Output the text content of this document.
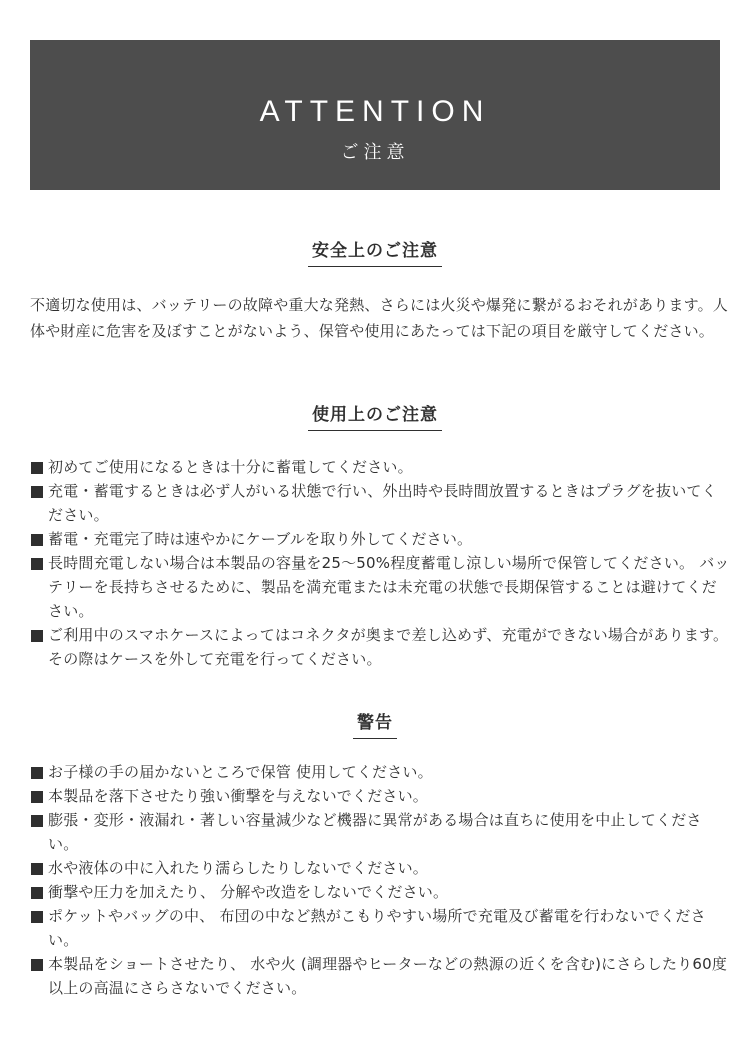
ATTENTION
ご注意
安全上のご注意

不適切な使用は、バッテリーの故障や重大な発熱、さらには火災や爆発に繋がるおそれがあります。人体や財産に危害を及ぼすことがないよう、保管や使用にあたっては下記の項目を厳守してください。

使用上のご注意
初めてご使用になるときは十分に蓄電してください。
充電・蓄電するときは必ず人がいる状態で行い、外出時や長時間放置するときはプラグを抜いてください。
蓄電・充電完了時は速やかにケーブルを取り外してください。
長時間充電しない場合は本製品の容量を25～50%程度蓄電し涼しい場所で保管してください。 バッテリーを長持ちさせるために、製品を満充電または未充電の状態で長期保管することは避けてください。
ご利用中のスマホケースによってはコネクタが奥まで差し込めず、充電ができない場合があります。 その際はケースを外して充電を行ってください。
警告
お子様の手の届かないところで保管 使用してください。
本製品を落下させたり強い衝撃を与えないでください。
膨張・変形・液漏れ・著しい容量減少など機器に異常がある場合は直ちに使用を中止してください。
水や液体の中に入れたり濡らしたりしないでください。
衝撃や圧力を加えたり、 分解や改造をしないでください。
ポケットやバッグの中、 布団の中など熱がこもりやすい場所で充電及び蓄電を行わないでください。
本製品をショートさせたり、 水や火 (調理器やヒーターなどの熱源の近くを含む)にさらしたり60度以上の高温にさらさないでください。
